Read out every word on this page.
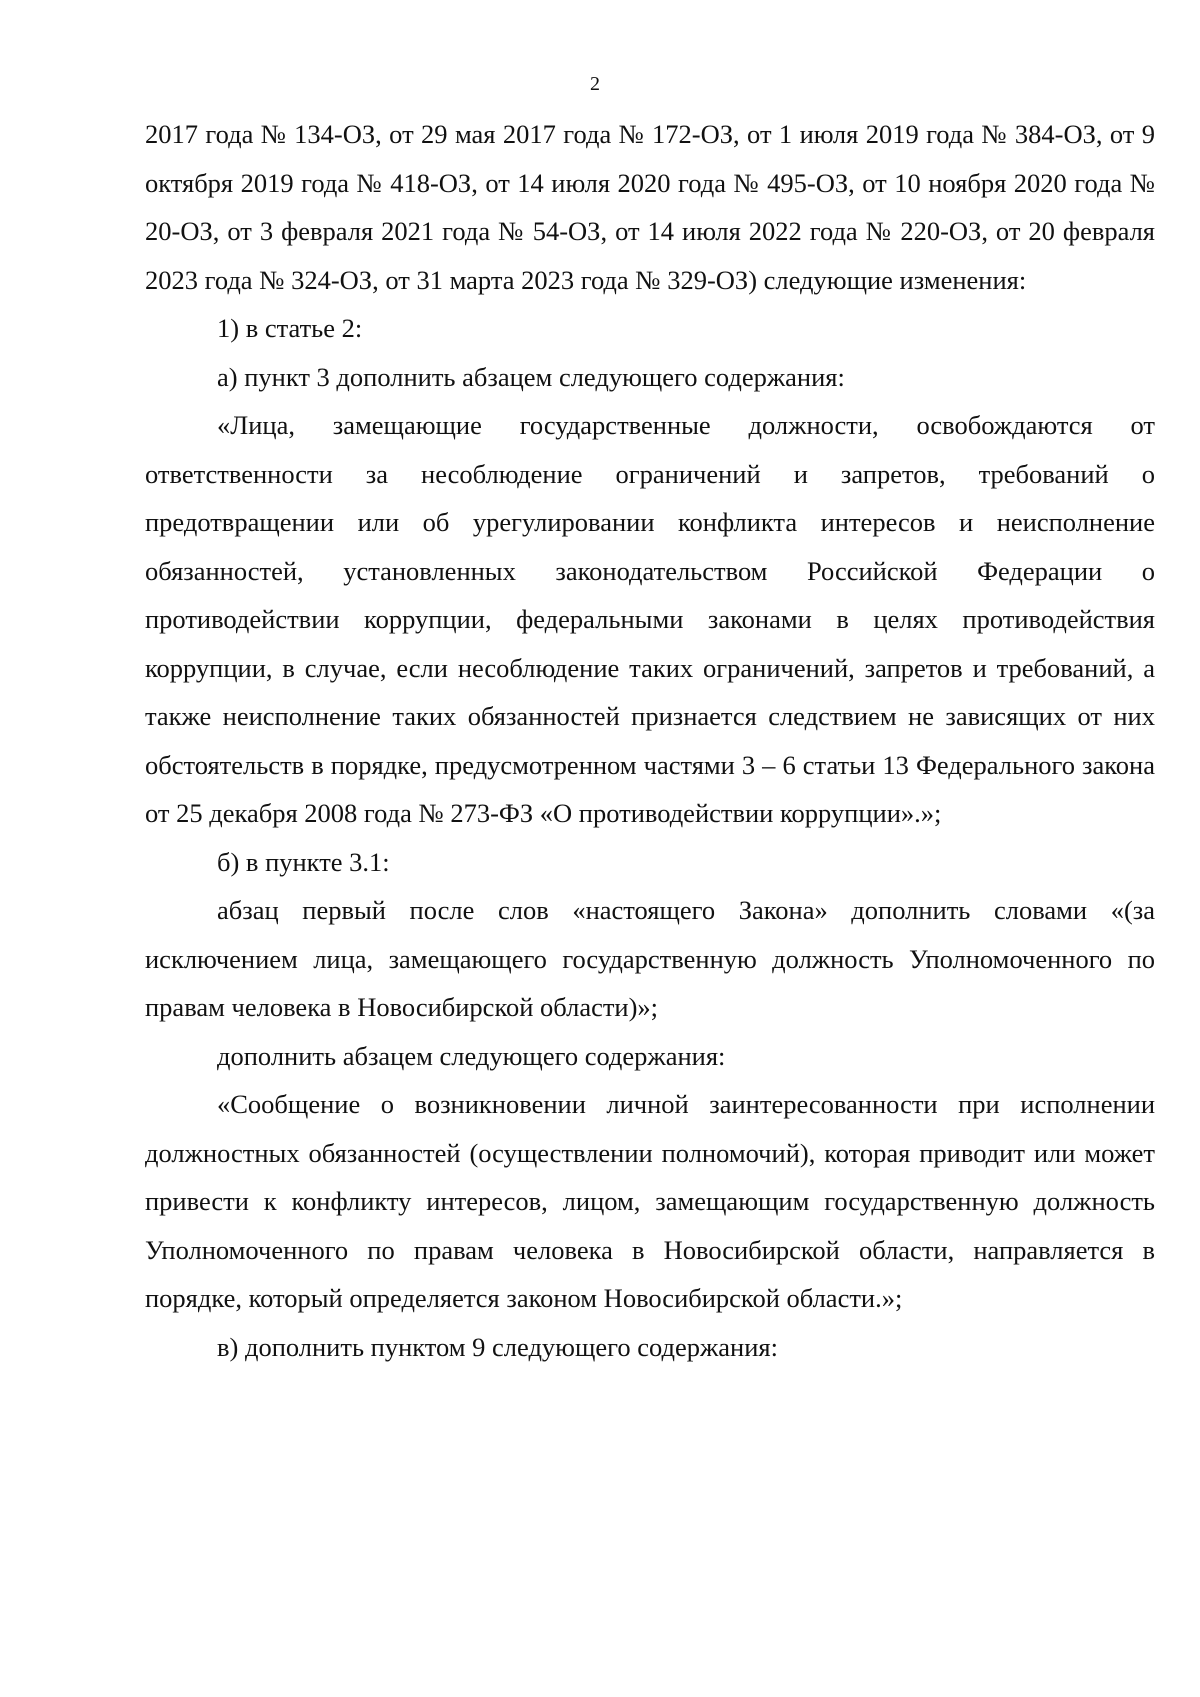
2

2017 года № 134-ОЗ, от 29 мая 2017 года № 172-ОЗ, от 1 июля 2019 года № 384-ОЗ, от 9 октября 2019 года № 418-ОЗ, от 14 июля 2020 года № 495-ОЗ, от 10 ноября 2020 года № 20-ОЗ, от 3 февраля 2021 года № 54-ОЗ, от 14 июля 2022 года № 220-ОЗ, от 20 февраля 2023 года № 324-ОЗ, от 31 марта 2023 года № 329-ОЗ) следующие изменения:

1) в статье 2:

а) пункт 3 дополнить абзацем следующего содержания:

«Лица, замещающие государственные должности, освобождаются от ответственности за несоблюдение ограничений и запретов, требований о предотвращении или об урегулировании конфликта интересов и неисполнение обязанностей, установленных законодательством Российской Федерации о противодействии коррупции, федеральными законами в целях противодействия коррупции, в случае, если несоблюдение таких ограничений, запретов и требований, а также неисполнение таких обязанностей признается следствием не зависящих от них обстоятельств в порядке, предусмотренном частями 3 – 6 статьи 13 Федерального закона от 25 декабря 2008 года № 273-ФЗ «О противодействии коррупции».»;

б) в пункте 3.1:

абзац первый после слов «настоящего Закона» дополнить словами «(за исключением лица, замещающего государственную должность Уполномоченного по правам человека в Новосибирской области)»;

дополнить абзацем следующего содержания:

«Сообщение о возникновении личной заинтересованности при исполнении должностных обязанностей (осуществлении полномочий), которая приводит или может привести к конфликту интересов, лицом, замещающим государственную должность Уполномоченного по правам человека в Новосибирской области, направляется в порядке, который определяется законом Новосибирской области.»;

в) дополнить пунктом 9 следующего содержания:
